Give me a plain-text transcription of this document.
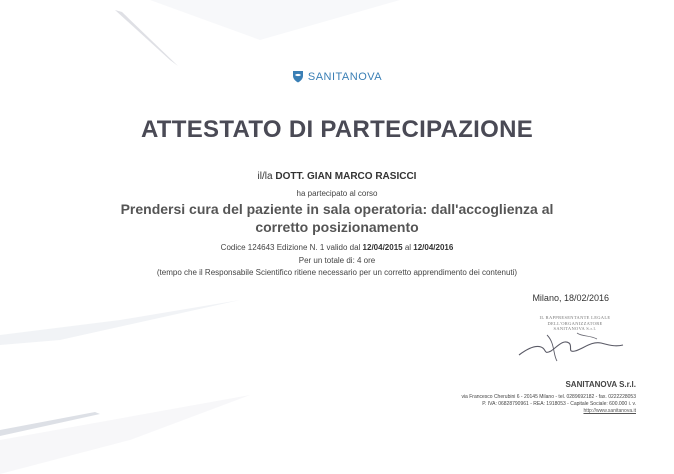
SANITANOVA
ATTESTATO DI PARTECIPAZIONE
il/la DOTT. GIAN MARCO RASICCI
ha partecipato al corso
Prendersi cura del paziente in sala operatoria: dall'accoglienza al
corretto posizionamento
Codice 124643 Edizione N. 1 valido dal 12/04/2015 al 12/04/2016
Per un totale di: 4 ore
(tempo che il Responsabile Scientifico ritiene necessario per un corretto apprendimento dei contenuti)
Milano, 18/02/2016
IL RAPPRESENTANTE LEGALE
DELL'ORGANIZZATORE
SANITANOVA S.r.l.
SANITANOVA S.r.l.
via Francesco Cherubini 6 - 20145 Milano - tel. 0289692182 - fax. 0222228053
P. IVA: 06828790961 - REA: 1918053 - Capitale Sociale: 600.000 i. v.
http://www.sanitanova.it
